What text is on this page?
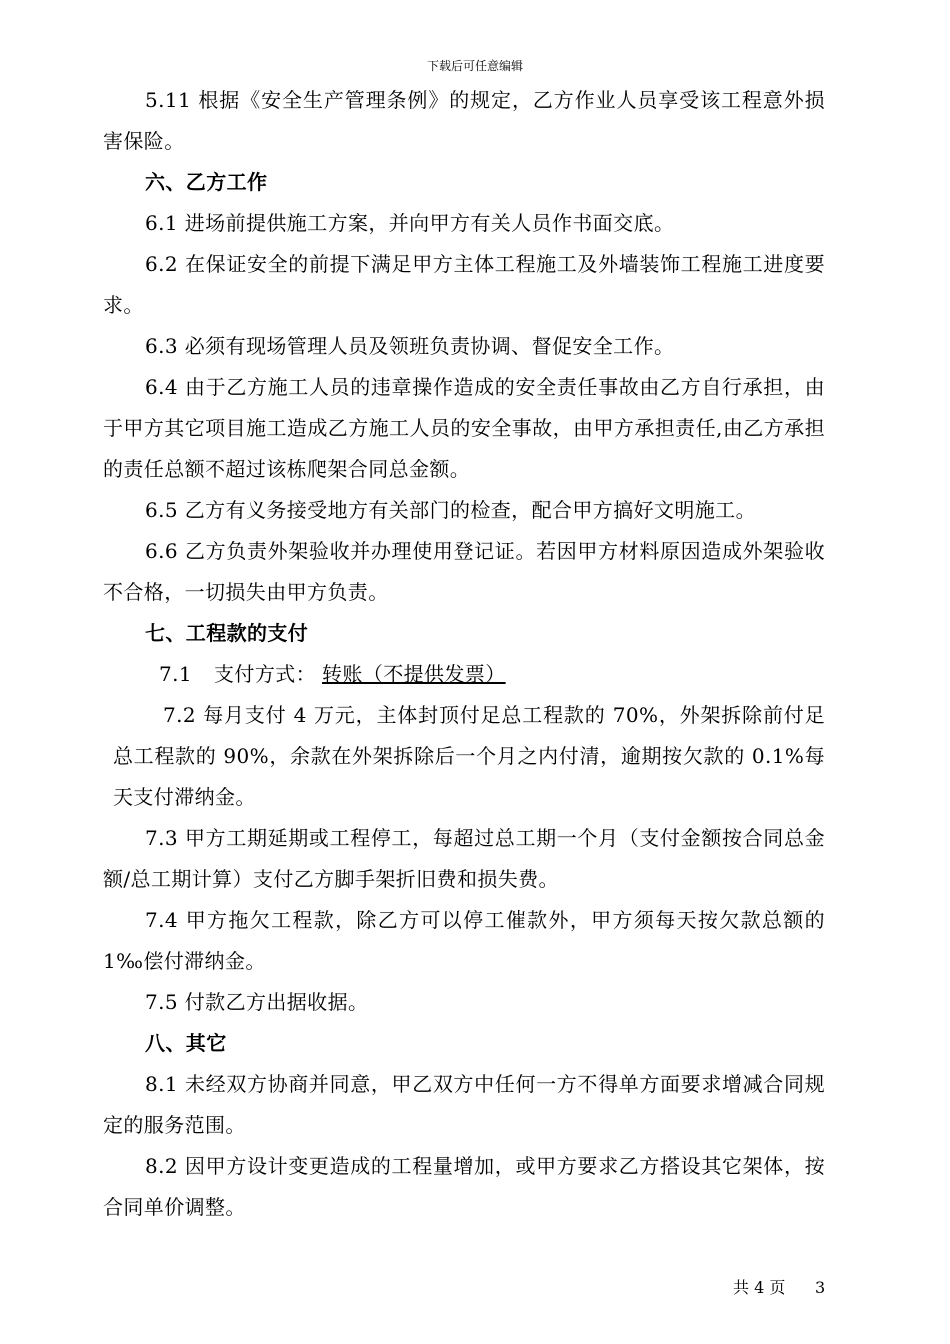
下载后可任意编辑

5.11 根据《安全生产管理条例》的规定，乙方作业人员享受该工程意外损害保险。

六、乙方工作

6.1 进场前提供施工方案，并向甲方有关人员作书面交底。

6.2 在保证安全的前提下满足甲方主体工程施工及外墙装饰工程施工进度要求。

6.3 必须有现场管理人员及领班负责协调、督促安全工作。

6.4 由于乙方施工人员的违章操作造成的安全责任事故由乙方自行承担，由于甲方其它项目施工造成乙方施工人员的安全事故，由甲方承担责任,由乙方承担的责任总额不超过该栋爬架合同总金额。

6.5 乙方有义务接受地方有关部门的检查，配合甲方搞好文明施工。

6.6 乙方负责外架验收并办理使用登记证。若因甲方材料原因造成外架验收不合格，一切损失由甲方负责。

七、工程款的支付

7.1 支付方式： 转账（不提供发票）

7.2 每月支付 4 万元，主体封顶付足总工程款的 70%，外架拆除前付足总工程款的 90%，余款在外架拆除后一个月之内付清，逾期按欠款的 0.1%每天支付滞纳金。

7.3 甲方工期延期或工程停工，每超过总工期一个月（支付金额按合同总金额/总工期计算）支付乙方脚手架折旧费和损失费。

7.4 甲方拖欠工程款，除乙方可以停工催款外，甲方须每天按欠款总额的 1‰偿付滞纳金。

7.5 付款乙方出据收据。

八、其它

8.1 未经双方协商并同意，甲乙双方中任何一方不得单方面要求增减合同规定的服务范围。

8.2 因甲方设计变更造成的工程量增加，或甲方要求乙方搭设其它架体，按合同单价调整。

共 4 页 3
